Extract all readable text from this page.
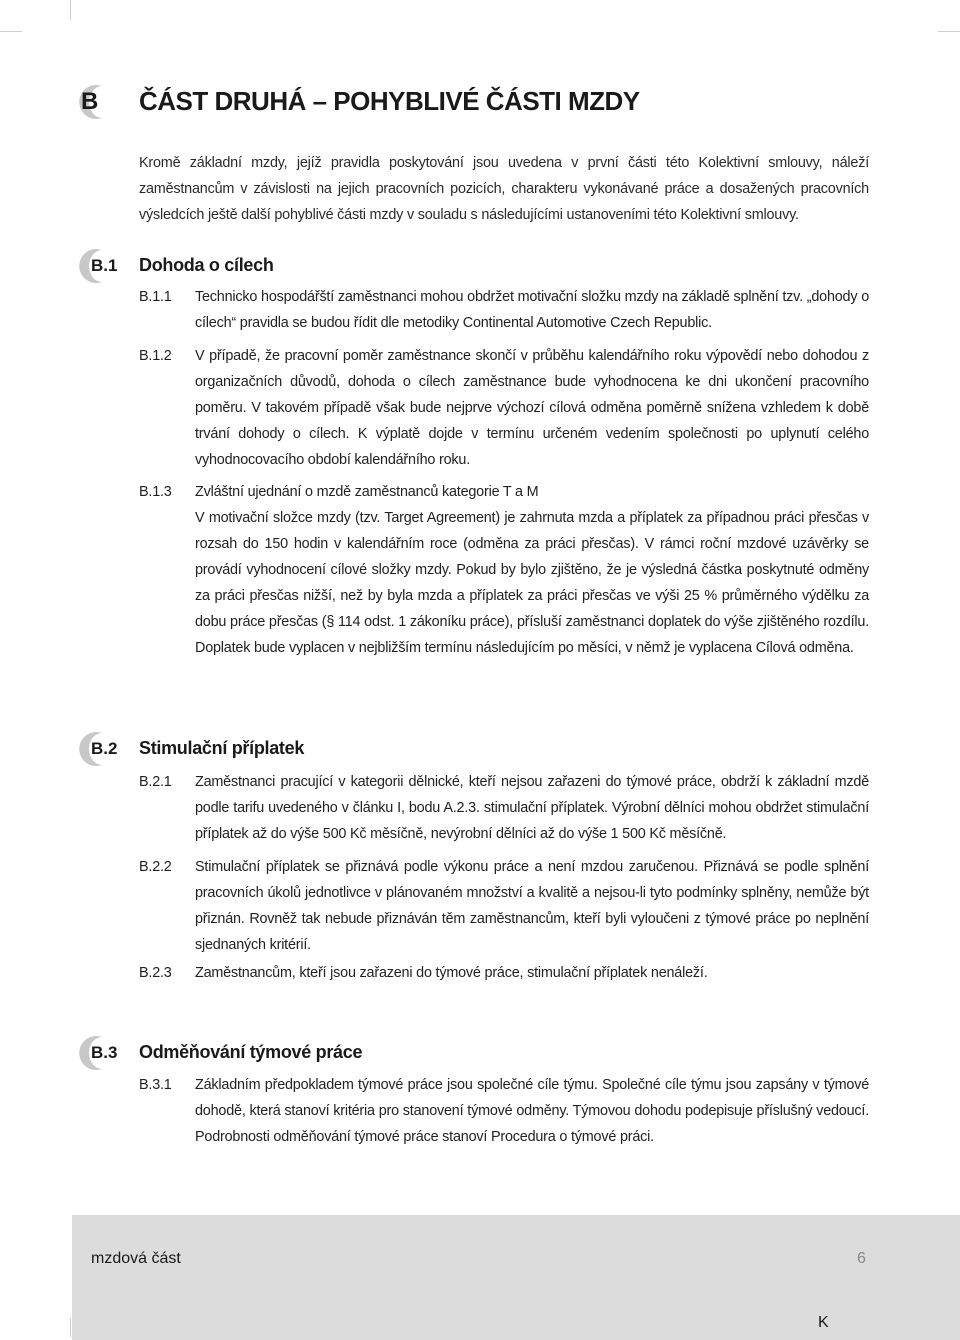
B ČÁST DRUHÁ – POHYBLIVÉ ČÁSTI MZDY

Kromě základní mzdy, jejíž pravidla poskytování jsou uvedena v první části této Kolektivní smlouvy, náleží zaměstnancům v závislosti na jejich pracovních pozicích, charakteru vykonávané práce a dosažených pracovních výsledcích ještě další pohyblivé části mzdy v souladu s následujícími ustanoveními této Kolektivní smlouvy.

B.1 Dohoda o cílech
B.1.1	Technicko hospodářští zaměstnanci mohou obdržet motivační složku mzdy na základě splnění tzv. „dohody o cílech“ pravidla se budou řídit dle metodiky Continental Automotive Czech Republic.
B.1.2	V případě, že pracovní poměr zaměstnance skončí v průběhu kalendářního roku výpovědí nebo dohodou z organizačních důvodů, dohoda o cílech zaměstnance bude vyhodnocena ke dni ukončení pracovního poměru. V takovém případě však bude nejprve výchozí cílová odměna poměrně snížena vzhledem k době trvání dohody o cílech. K výplatě dojde v termínu určeném vedením společnosti po uplynutí celého vyhodnocovacího období kalendářního roku.
B.1.3	Zvláštní ujednání o mzdě zaměstnanců kategorie T a M
V motivační složce mzdy (tzv. Target Agreement) je zahrnuta mzda a příplatek za případnou práci přesčas v rozsah do 150 hodin v kalendářním roce (odměna za práci přesčas). V rámci roční mzdové uzávěrky se provádí vyhodnocení cílové složky mzdy. Pokud by bylo zjištěno, že je výsledná částka poskytnuté odměny za práci přesčas nižší, než by byla mzda a příplatek za práci přesčas ve výši 25 % průměrného výdělku za dobu práce přesčas (§ 114 odst. 1 zákoníku práce), přísluší zaměstnanci doplatek do výše zjištěného rozdílu. Doplatek bude vyplacen v nejbližším termínu následujícím po měsíci, v němž je vyplacena Cílová odměna.
B.2 Stimulační příplatek
B.2.1	Zaměstnanci pracující v kategorii dělnické, kteří nejsou zařazeni do týmové práce, obdrží k základní mzdě podle tarifu uvedeného v článku I, bodu A.2.3. stimulační příplatek. Výrobní dělníci mohou obdržet stimulační příplatek až do výše 500 Kč měsíčně, nevýrobní dělníci až do výše 1 500 Kč měsíčně.
B.2.2	Stimulační příplatek se přiznává podle výkonu práce a není mzdou zaručenou. Přiznává se podle splnění pracovních úkolů jednotlivce v plánovaném množství a kvalitě a nejsou-li tyto podmínky splněny, nemůže být přiznán. Rovněž tak nebude přiznáván těm zaměstnancům, kteří byli vyloučeni z týmové práce po neplnění sjednaných kritérií.
B.2.3	Zaměstnancům, kteří jsou zařazeni do týmové práce, stimulační příplatek nenáleží.
B.3 Odměňování týmové práce
B.3.1	Základním předpokladem týmové práce jsou společné cíle týmu. Společné cíle týmu jsou zapsány v týmové dohodě, která stanoví kritéria pro stanovení týmové odměny. Týmovou dohodu podepisuje příslušný vedoucí. Podrobnosti odměňování týmové práce stanoví Procedura o týmové práci.

mzdová část	6

K
